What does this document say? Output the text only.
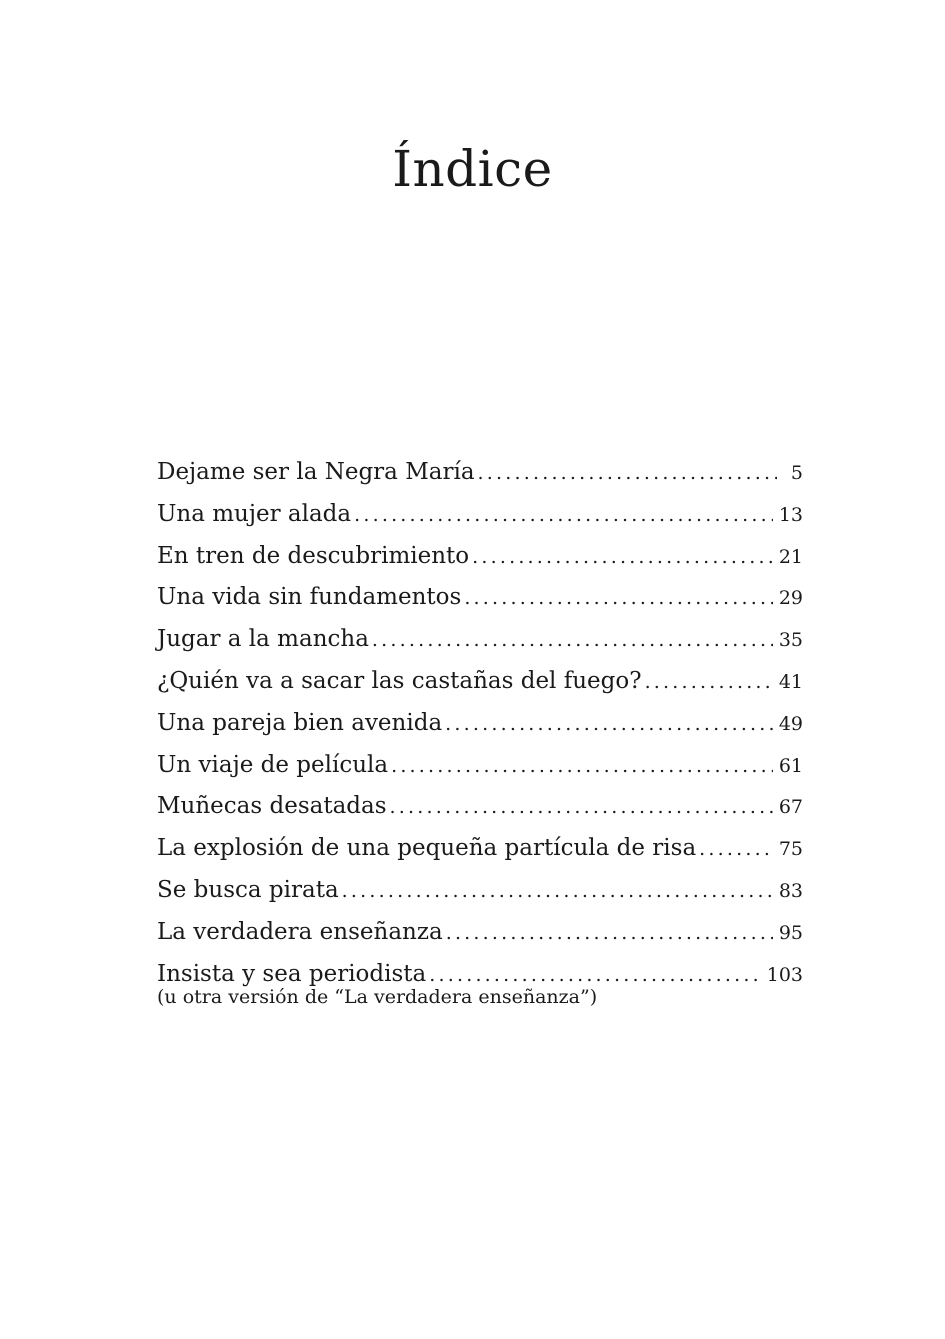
Índice
Dejame ser la Negra María .....	5
Una mujer alada .....	13
En tren de descubrimiento .....	21
Una vida sin fundamentos .....	29
Jugar a la mancha .....	35
¿Quién va a sacar las castañas del fuego? .....	41
Una pareja bien avenida .....	49
Un viaje de película .....	61
Muñecas desatadas .....	67
La explosión de una pequeña partícula de risa .....	75
Se busca pirata .....	83
La verdadera enseñanza .....	95
Insista y sea periodista .....	103
(u otra versión de “La verdadera enseñanza”)
